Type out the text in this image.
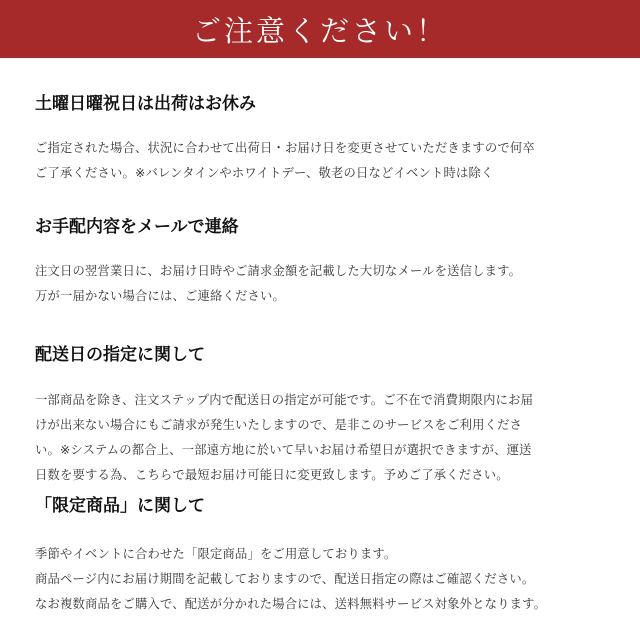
ご注意ください！
土曜日曜祝日は出荷はお休み
ご指定された場合、状況に合わせて出荷日・お届け日を変更させていただきますので何卒
ご了承ください。※バレンタインやホワイトデー、敬老の日などイベント時は除く
お手配内容をメールで連絡
注文日の翌営業日に、お届け日時やご請求金額を記載した大切なメールを送信します。
万が一届かない場合には、ご連絡ください。
配送日の指定に関して
一部商品を除き、注文ステップ内で配送日の指定が可能です。ご不在で消費期限内にお届
けが出来ない場合にもご請求が発生いたしますので、是非このサービスをご利用くださ
い。※システムの都合上、一部遠方地に於いて早いお届け希望日が選択できますが、運送
日数を要する為、こちらで最短お届け可能日に変更致します。予めご了承ください。
「限定商品」に関して
季節やイベントに合わせた「限定商品」をご用意しております。
商品ページ内にお届け期間を記載しておりますので、配送日指定の際はご確認ください。
なお複数商品をご購入で、配送が分かれた場合には、送料無料サービス対象外となります。
